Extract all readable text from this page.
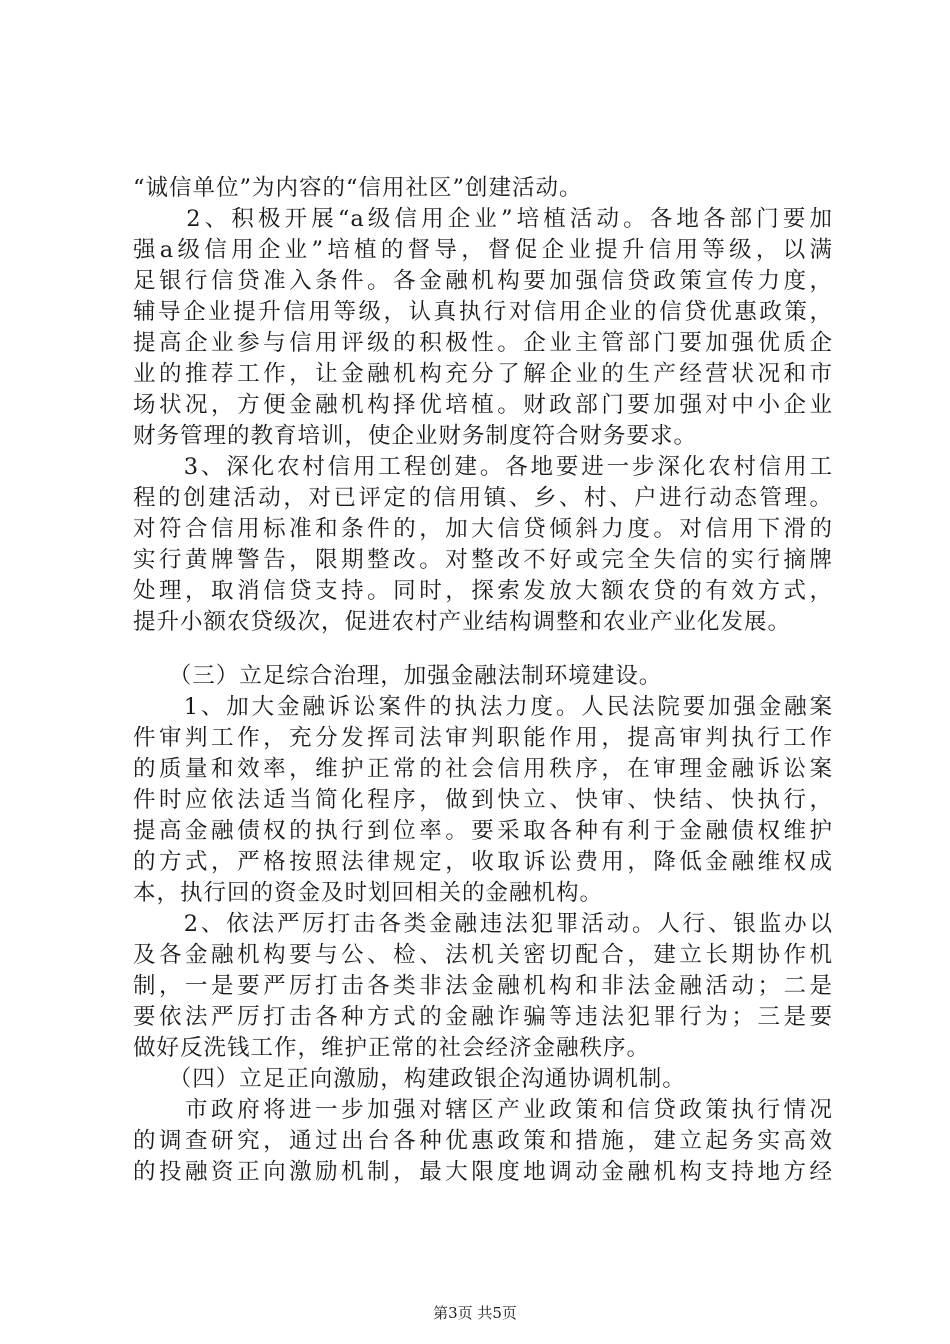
“诚信单位”为内容的“信用社区”创建活动。
　　2、积极开展“a级信用企业”培植活动。各地各部门要加
强a级信用企业”培植的督导，督促企业提升信用等级，以满
足银行信贷准入条件。各金融机构要加强信贷政策宣传力度，
辅导企业提升信用等级，认真执行对信用企业的信贷优惠政策，
提高企业参与信用评级的积极性。企业主管部门要加强优质企
业的推荐工作，让金融机构充分了解企业的生产经营状况和市
场状况，方便金融机构择优培植。财政部门要加强对中小企业
财务管理的教育培训，使企业财务制度符合财务要求。
　　3、深化农村信用工程创建。各地要进一步深化农村信用工
程的创建活动，对已评定的信用镇、乡、村、户进行动态管理。
对符合信用标准和条件的，加大信贷倾斜力度。对信用下滑的
实行黄牌警告，限期整改。对整改不好或完全失信的实行摘牌
处理，取消信贷支持。同时，探索发放大额农贷的有效方式，
提升小额农贷级次，促进农村产业结构调整和农业产业化发展。
　　（三）立足综合治理，加强金融法制环境建设。
　　1、加大金融诉讼案件的执法力度。人民法院要加强金融案
件审判工作，充分发挥司法审判职能作用，提高审判执行工作
的质量和效率，维护正常的社会信用秩序，在审理金融诉讼案
件时应依法适当简化程序，做到快立、快审、快结、快执行，
提高金融债权的执行到位率。要采取各种有利于金融债权维护
的方式，严格按照法律规定，收取诉讼费用，降低金融维权成
本，执行回的资金及时划回相关的金融机构。
　　2、依法严厉打击各类金融违法犯罪活动。人行、银监办以
及各金融机构要与公、检、法机关密切配合，建立长期协作机
制，一是要严厉打击各类非法金融机构和非法金融活动；二是
要依法严厉打击各种方式的金融诈骗等违法犯罪行为；三是要
做好反洗钱工作，维护正常的社会经济金融秩序。
　　（四）立足正向激励，构建政银企沟通协调机制。
　　市政府将进一步加强对辖区产业政策和信贷政策执行情况
的调查研究，通过出台各种优惠政策和措施，建立起务实高效
的投融资正向激励机制，最大限度地调动金融机构支持地方经
第3页 共5页
